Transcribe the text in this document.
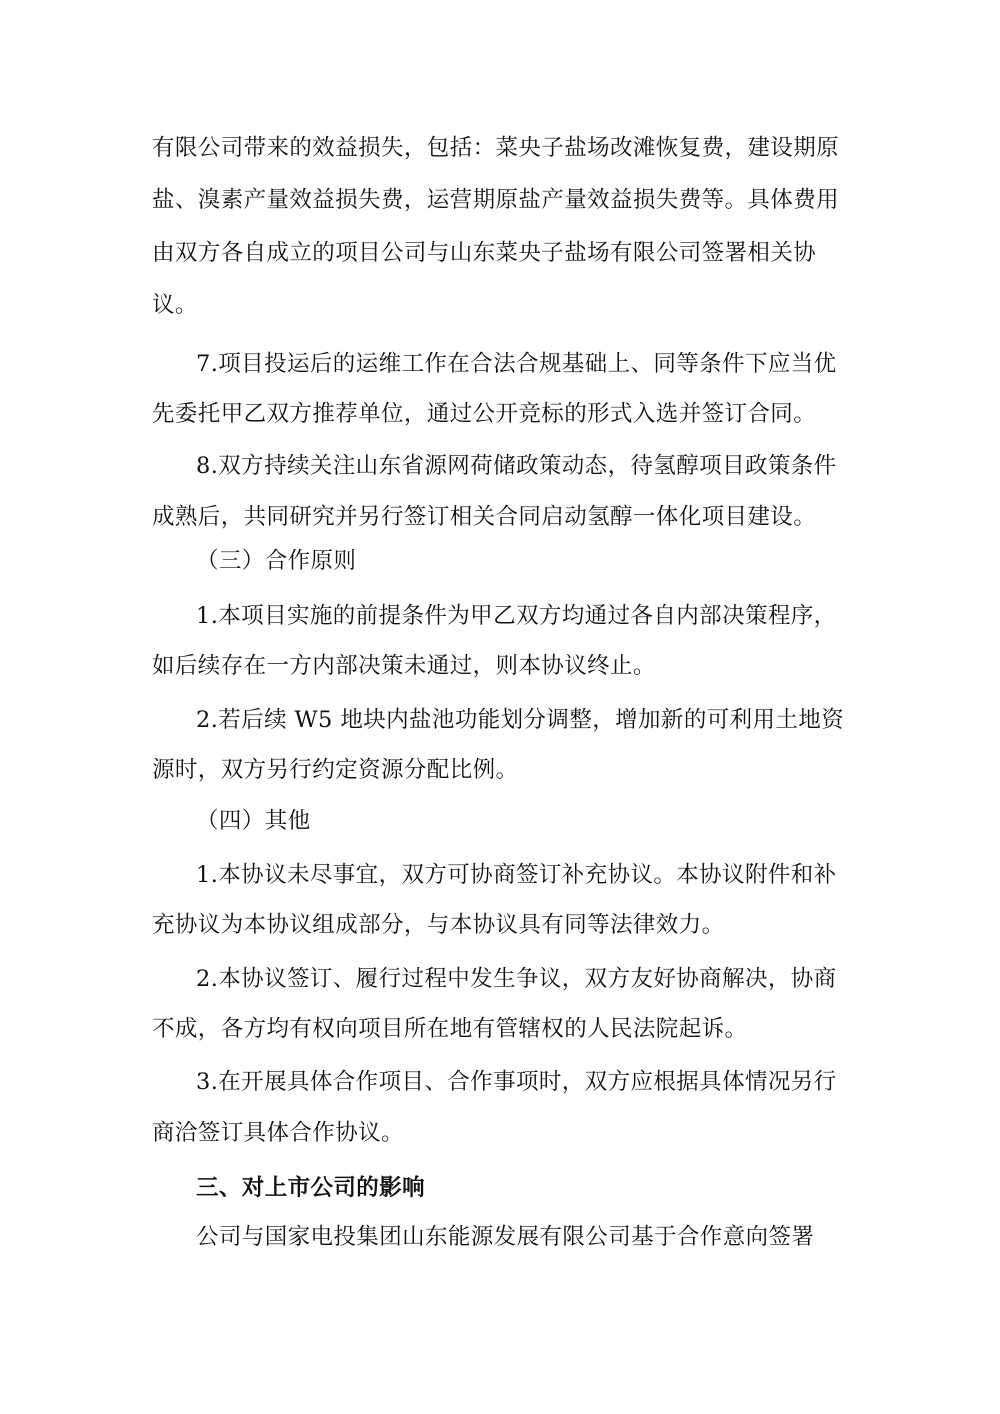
有限公司带来的效益损失，包括：菜央子盐场改滩恢复费，建设期原
盐、溴素产量效益损失费，运营期原盐产量效益损失费等。具体费用
由双方各自成立的项目公司与山东菜央子盐场有限公司签署相关协
议。
7.项目投运后的运维工作在合法合规基础上、同等条件下应当优
先委托甲乙双方推荐单位，通过公开竞标的形式入选并签订合同。
8.双方持续关注山东省源网荷储政策动态，待氢醇项目政策条件
成熟后，共同研究并另行签订相关合同启动氢醇一体化项目建设。
（三）合作原则
1.本项目实施的前提条件为甲乙双方均通过各自内部决策程序，
如后续存在一方内部决策未通过，则本协议终止。
2.若后续 W5 地块内盐池功能划分调整，增加新的可利用土地资
源时，双方另行约定资源分配比例。
（四）其他
1.本协议未尽事宜，双方可协商签订补充协议。本协议附件和补
充协议为本协议组成部分，与本协议具有同等法律效力。
2.本协议签订、履行过程中发生争议，双方友好协商解决，协商
不成，各方均有权向项目所在地有管辖权的人民法院起诉。
3.在开展具体合作项目、合作事项时，双方应根据具体情况另行
商洽签订具体合作协议。
三、对上市公司的影响
公司与国家电投集团山东能源发展有限公司基于合作意向签署
